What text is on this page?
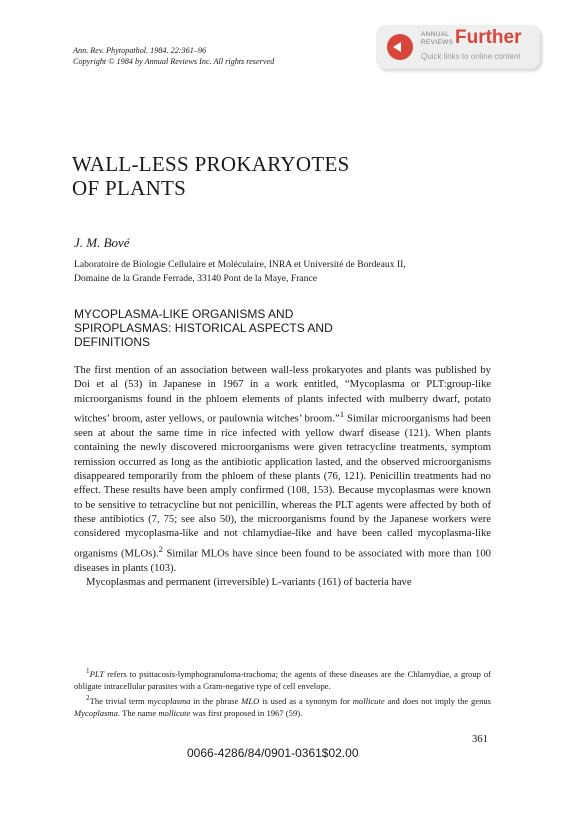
Ann. Rev. Phytopathol. 1984. 22:361–96
Copyright © 1984 by Annual Reviews Inc. All rights reserved
ANNUAL
REVIEWS Further
Quick links to online content
WALL-LESS PROKARYOTES
OF PLANTS
J. M. Bové
Laboratoire de Biologie Cellulaire et Moléculaire, INRA et Université de Bordeaux II,
Domaine de la Grande Ferrade, 33140 Pont de la Maye, France
MYCOPLASMA-LIKE ORGANISMS AND
SPIROPLASMAS: HISTORICAL ASPECTS AND
DEFINITIONS

The first mention of an association between wall-less prokaryotes and plants was published by Doi et al (53) in Japanese in 1967 in a work entitled, “Mycoplasma or PLT:group-like microorganisms found in the phloem elements of plants infected with mulberry dwarf, potato witches’ broom, aster yellows, or paulownia witches’ broom.”$^1$ Similar microorganisms had been seen at about the same time in rice infected with yellow dwarf disease (121). When plants containing the newly discovered microorganisms were given tetracycline treatments, symptom remission occurred as long as the antibiotic application lasted, and the observed microorganisms disappeared temporarily from the phloem of these plants (76, 121). Penicillin treatments had no effect. These results have been amply confirmed (108, 153). Because mycoplasmas were known to be sensitive to tetracycline but not penicillin, whereas the PLT agents were affected by both of these antibiotics (7, 75; see also 50), the microorganisms found by the Japanese workers were considered mycoplasma-like and not chlamydiae-like and have been called mycoplasma-like organisms (MLOs).$^2$ Similar MLOs have since been found to be associated with more than 100 diseases in plants (103).

Mycoplasmas and permanent (irreversible) L-variants (161) of bacteria have

$^1$PLT refers to psittacosis-lymphogranuloma-trachoma; the agents of these diseases are the Chlamydiae, a group of obligate intracellular parasites with a Gram-negative type of cell envelope.

$^2$The trivial term mycoplasma in the phrase MLO is used as a synonym for mollicute and does not imply the genus Mycoplasma. The name mollicute was first proposed in 1967 (59).

361
0066-4286/84/0901-0361$02.00
